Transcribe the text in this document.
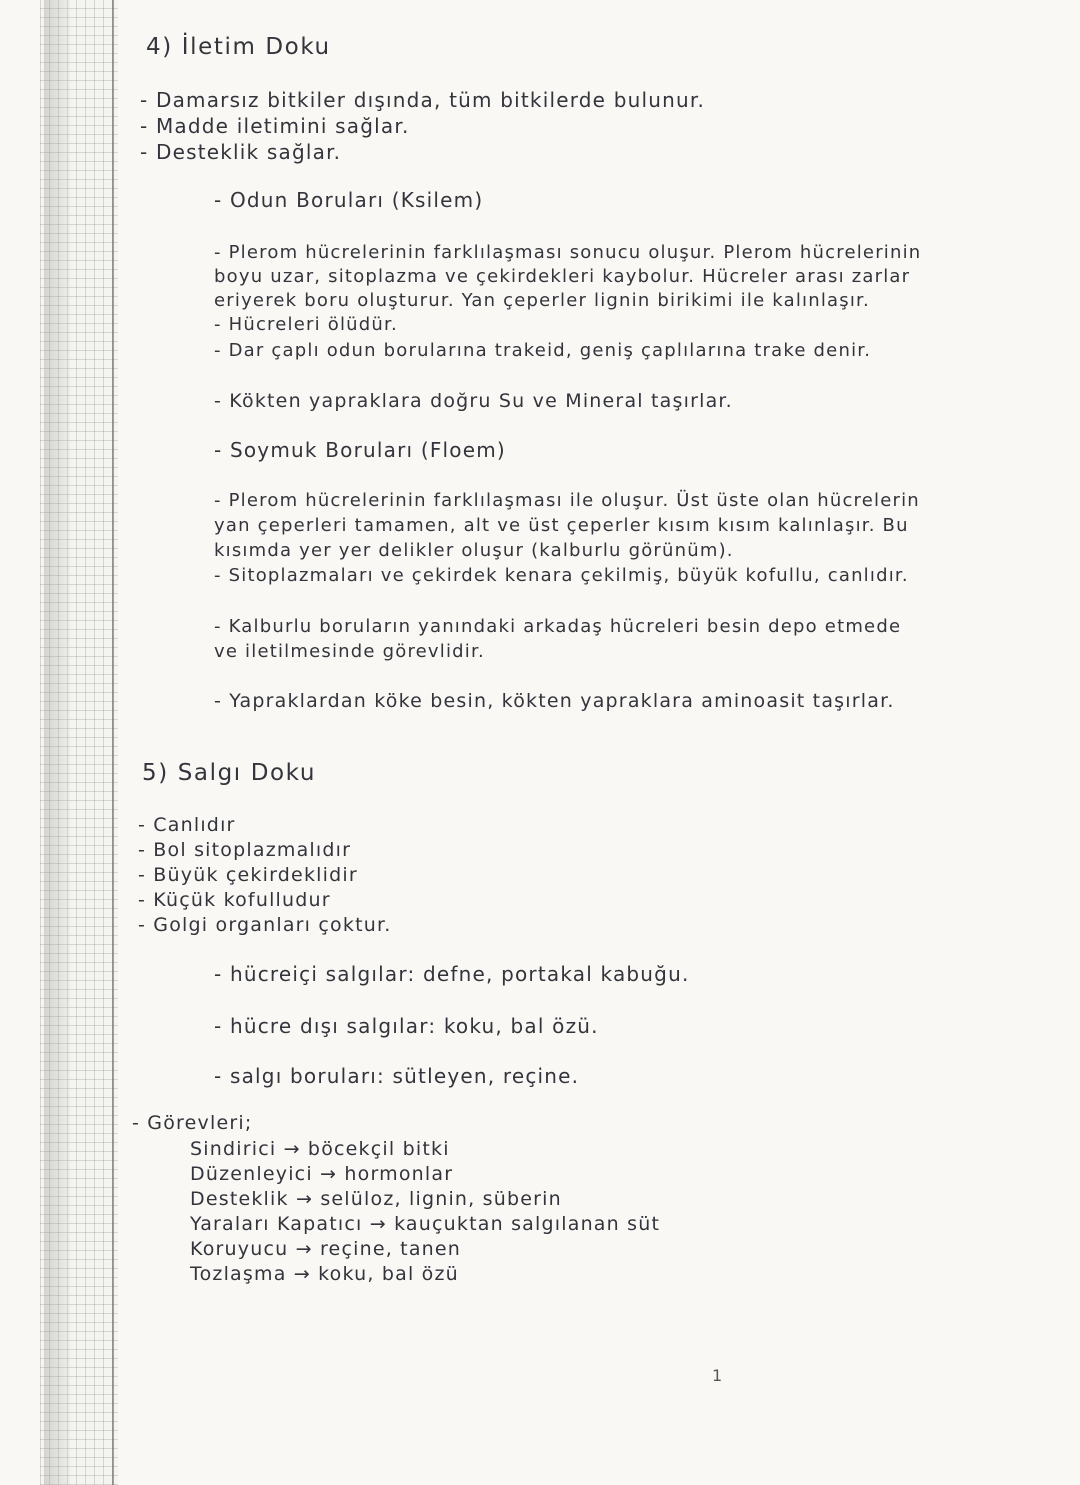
4) İletim Doku
- Damarsız bitkiler dışında, tüm bitkilerde bulunur.
- Madde iletimini sağlar.
- Desteklik sağlar.
- Odun Boruları (Ksilem)
- Plerom hücrelerinin farklılaşması sonucu oluşur. Plerom hücrelerinin
boyu uzar, sitoplazma ve çekirdekleri kaybolur. Hücreler arası zarlar
eriyerek boru oluşturur. Yan çeperler lignin birikimi ile kalınlaşır.
- Hücreleri ölüdür.
- Dar çaplı odun borularına trakeid, geniş çaplılarına trake denir.
- Kökten yapraklara doğru Su ve Mineral taşırlar.
- Soymuk Boruları (Floem)
- Plerom hücrelerinin farklılaşması ile oluşur. Üst üste olan hücrelerin
yan çeperleri tamamen, alt ve üst çeperler kısım kısım kalınlaşır. Bu
kısımda yer yer delikler oluşur (kalburlu görünüm).
- Sitoplazmaları ve çekirdek kenara çekilmiş, büyük kofullu, canlıdır.
- Kalburlu boruların yanındaki arkadaş hücreleri besin depo etmede
ve iletilmesinde görevlidir.
- Yapraklardan köke besin, kökten yapraklara aminoasit taşırlar.
5) Salgı Doku
- Canlıdır
- Bol sitoplazmalıdır
- Büyük çekirdeklidir
- Küçük kofulludur
- Golgi organları çoktur.
- hücreiçi salgılar: defne, portakal kabuğu.
- hücre dışı salgılar: koku, bal özü.
- salgı boruları: sütleyen, reçine.
- Görevleri;
Sindirici → böcekçil bitki
Düzenleyici → hormonlar
Desteklik → selüloz, lignin, süberin
Yaraları Kapatıcı → kauçuktan salgılanan süt
Koruyucu → reçine, tanen
Tozlaşma → koku, bal özü
1
